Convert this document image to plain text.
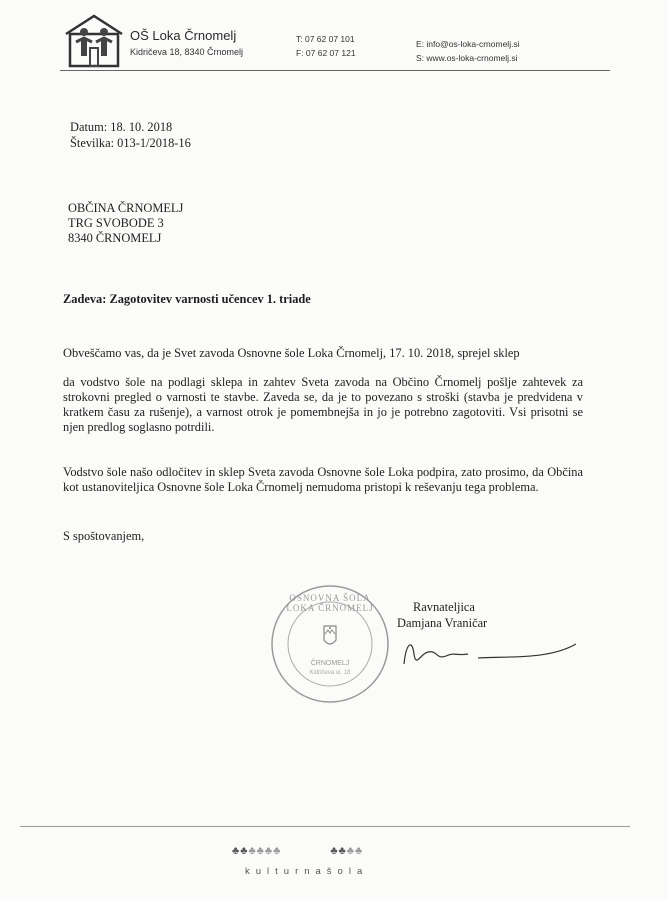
OŠ Loka Črnomelj
Kidričeva 18, 8340 Črnomelj
T: 07 62 07 101
F: 07 62 07 121
E: info@os-loka-crnomelj.si
S: www.os-loka-crnomelj.si
Datum: 18. 10. 2018
Številka: 013-1/2018-16
OBČINA ČRNOMELJ
TRG SVOBODE 3
8340 ČRNOMELJ
Zadeva: Zagotovitev varnosti učencev 1. triade
Obveščamo vas, da je Svet zavoda Osnovne šole Loka Črnomelj, 17. 10. 2018, sprejel sklep
da vodstvo šole na podlagi sklepa in zahtev Sveta zavoda na Občino Črnomelj pošlje zahtevek za strokovni pregled o varnosti te stavbe. Zaveda se, da je to povezano s stroški (stavba je predvidena v kratkem času za rušenje), a varnost otrok je pomembnejša in jo je potrebno zagotoviti. Vsi prisotni se njen predlog soglasno potrdili.
Vodstvo šole našo odločitev in sklep Sveta zavoda Osnovne šole Loka podpira, zato prosimo, da Občina kot ustanoviteljica Osnovne šole Loka Črnomelj nemudoma pristopi k reševanju tega problema.
S spoštovanjem,
OSNOVNA ŠOLA LOKA ČRNOMELJ
ČRNOMELJ
Kidričeva ul. 18
Ravnateljica
Damjana Vraničar
♣ ♣ ♣ ♣ ♣ ♣	♣ ♣ ♣ ♣
kulturnašola
